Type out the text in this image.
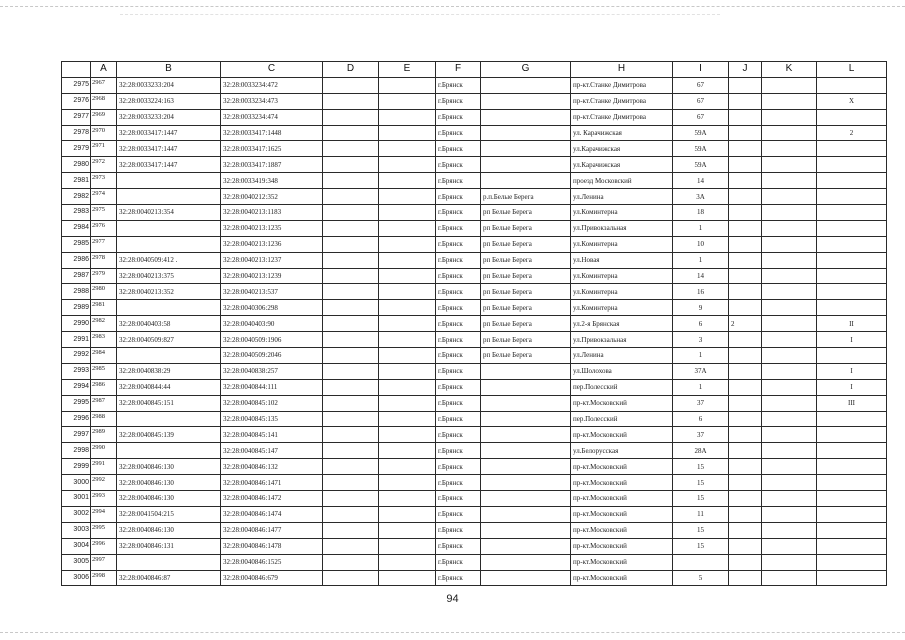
	A	B	C	D	E	F	G	H	I	J	K	L
2975	2967	32:28:0033233:204	32:28:0033234:472			г.Брянск		пр-кт.Станке Димитрова	67			
2976	2968	32:28:0033224:163	32:28:0033234:473			г.Брянск		пр-кт.Станке Димитрова	67			X
2977	2969	32:28:0033233:204	32:28:0033234:474			г.Брянск		пр-кт.Станке Димитрова	67			
2978	2970	32:28:0033417:1447	32:28:0033417:1448			г.Брянск		ул. Карачижская	59А			2
2979	2971	32:28:0033417:1447	32:28:0033417:1625			г.Брянск		ул.Карачижская	59А			
2980	2972	32:28:0033417:1447	32:28:0033417:1887			г.Брянск		ул.Карачижская	59А			
2981	2973		32:28:0033419:348			г.Брянск		проезд Московский	14			
2982	2974		32:28:0040212:352			г.Брянск	р.п.Белые Берега	ул.Ленина	3А			
2983	2975	32:28:0040213:354	32:28:0040213:1183			г.Брянск	рп Белые Берега	ул.Коминтерна	18			
2984	2976		32:28:0040213:1235			г.Брянск	рп Белые Берега	ул.Привокзальная	1			
2985	2977		32:28:0040213:1236			г.Брянск	рп Белые Берега	ул.Коминтерна	10			
2986	2978	32:28:0040509:412 .	32:28:0040213:1237			г.Брянск	рп Белые Берега	ул.Новая	1			
2987	2979	32:28:0040213:375	32:28:0040213:1239			г.Брянск	рп Белые Берега	ул.Коминтерна	14			
2988	2980	32:28:0040213:352	32:28:0040213:537			г.Брянск	рп Белые Берега	ул.Коминтерна	16			
2989	2981		32:28:0040306:298			г.Брянск	рп Белые Берега	ул.Коминтерна	9			
2990	2982	32:28:0040403:58	32:28:0040403:90			г.Брянск	рп Белые Берега	ул.2-я Брянская	6	2		II
2991	2983	32:28:0040509:827	32:28:0040509:1906			г.Брянск	рп Белые Берега	ул.Привокзальная	3			I
2992	2984		32:28:0040509:2046			г.Брянск	рп Белые Берега	ул.Ленина	1			
2993	2985	32:28:0040838:29	32:28:0040838:257			г.Брянск		ул.Шолохова	37А			I
2994	2986	32:28:0040844:44	32:28:0040844:111			г.Брянск		пер.Полесский	1			I
2995	2987	32:28:0040845:151	32:28:0040845:102			г.Брянск		пр-кт.Московский	37			III
2996	2988		32:28:0040845:135			г.Брянск		пер.Полесский	6			
2997	2989	32:28:0040845:139	32:28:0040845:141			г.Брянск		пр-кт.Московский	37			
2998	2990		32:28:0040845:147			г.Брянск		ул.Белорусская	28А			
2999	2991	32:28:0040846:130	32:28:0040846:132			г.Брянск		пр-кт.Московский	15			
3000	2992	32:28:0040846:130	32:28:0040846:1471			г.Брянск		пр-кт.Московский	15			
3001	2993	32:28:0040846:130	32:28:0040846:1472			г.Брянск		пр-кт.Московский	15			
3002	2994	32:28:0041504:215	32:28:0040846:1474			г.Брянск		пр-кт.Московский	11			
3003	2995	32:28:0040846:130	32:28:0040846:1477			г.Брянск		пр-кт.Московский	15			
3004	2996	32:28:0040846:131	32:28:0040846:1478			г.Брянск		пр-кт.Московский	15			
3005	2997		32:28:0040846:1525			г.Брянск		пр-кт.Московский				
3006	2998	32:28:0040846:87	32:28:0040846:679			г.Брянск		пр-кт.Московский	5			
94
